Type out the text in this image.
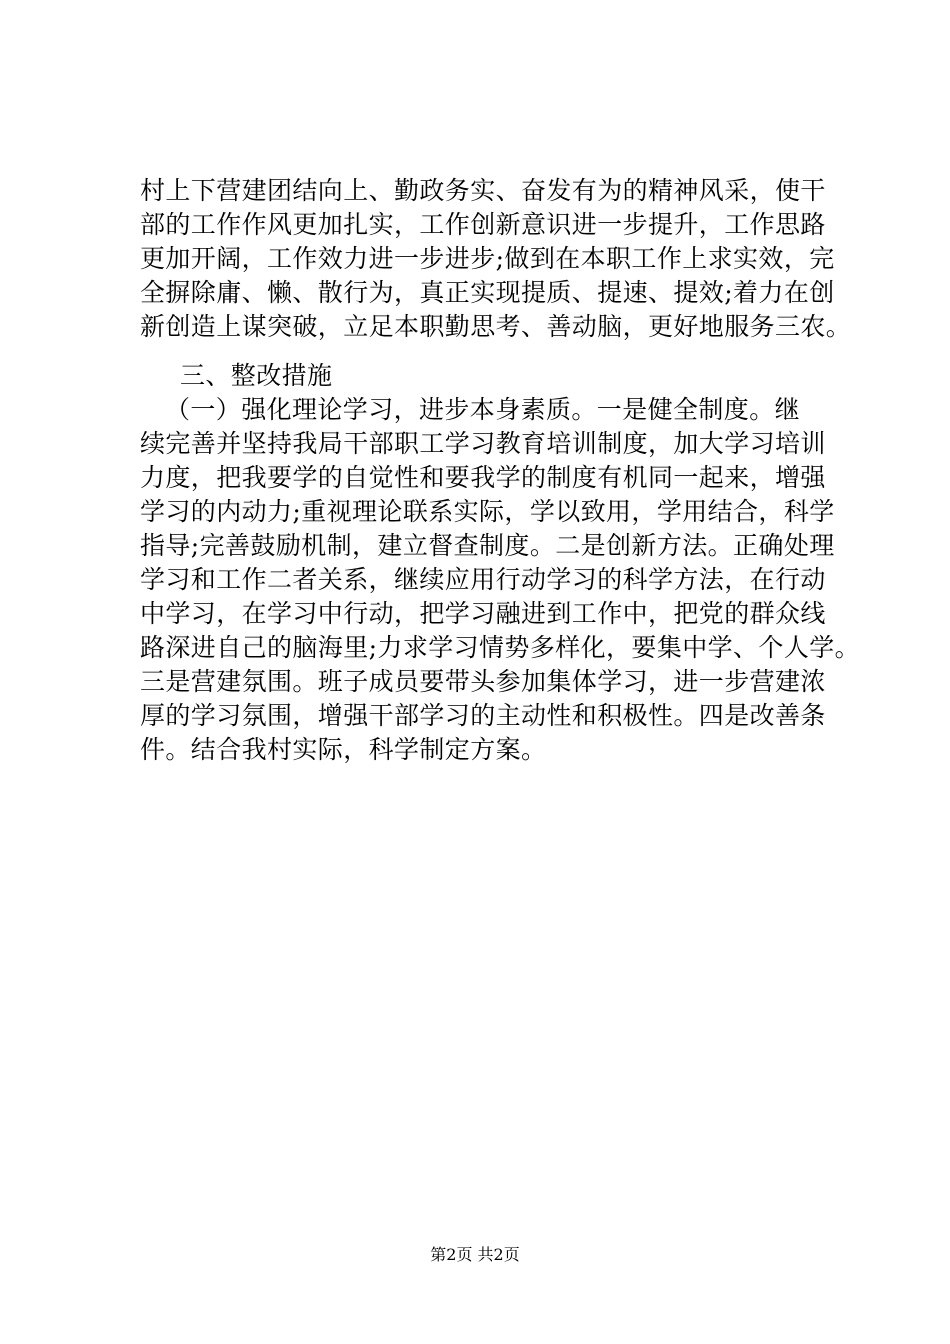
村上下营建团结向上、勤政务实、奋发有为的精神风采，使干
部的工作作风更加扎实，工作创新意识进一步提升，工作思路
更加开阔，工作效力进一步进步;做到在本职工作上求实效，完
全摒除庸、懒、散行为，真正实现提质、提速、提效;着力在创
新创造上谋突破，立足本职勤思考、善动脑，更好地服务三农。
三、整改措施
（一）强化理论学习，进步本身素质。一是健全制度。继
续完善并坚持我局干部职工学习教育培训制度，加大学习培训
力度，把我要学的自觉性和要我学的制度有机同一起来，增强
学习的内动力;重视理论联系实际，学以致用，学用结合，科学
指导;完善鼓励机制，建立督查制度。二是创新方法。正确处理
学习和工作二者关系，继续应用行动学习的科学方法，在行动
中学习，在学习中行动，把学习融进到工作中，把党的群众线
路深进自己的脑海里;力求学习情势多样化，要集中学、个人学。
三是营建氛围。班子成员要带头参加集体学习，进一步营建浓
厚的学习氛围，增强干部学习的主动性和积极性。四是改善条
件。结合我村实际，科学制定方案。
第2页 共2页
